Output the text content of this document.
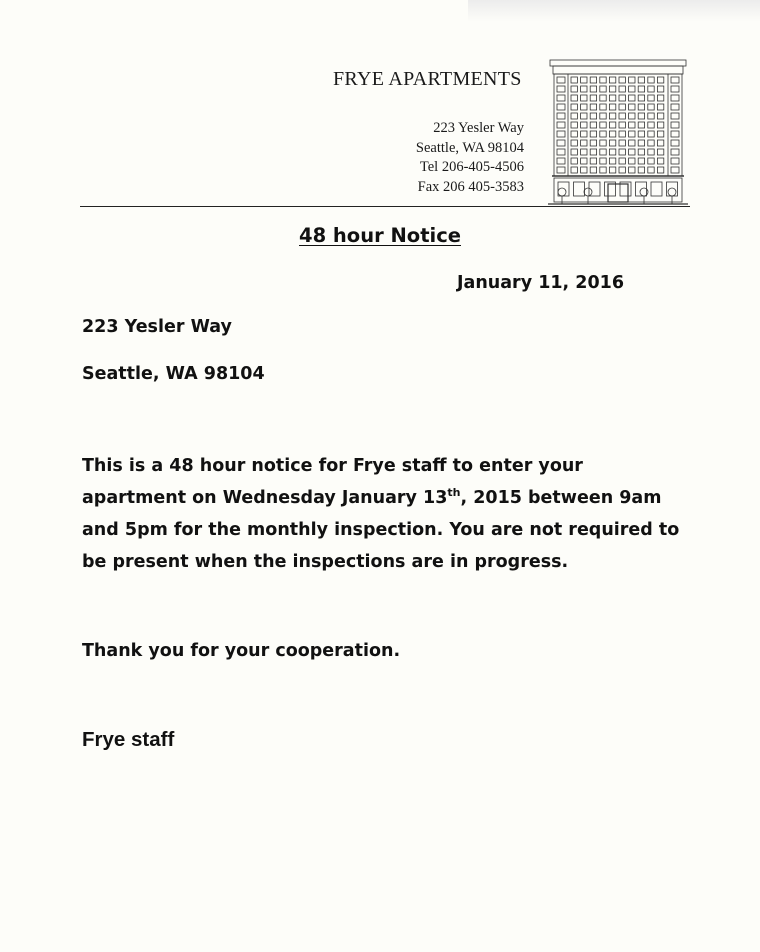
FRYE APARTMENTS
223 Yesler Way
Seattle, WA 98104
Tel 206-405-4506
Fax 206 405-3583
48 hour Notice
January 11, 2016
223 Yesler Way
Seattle, WA 98104
This is a 48 hour notice for Frye staff to enter your apartment on Wednesday January 13th, 2015 between 9am and 5pm for the monthly inspection. You are not required to be present when the inspections are in progress.
Thank you for your cooperation.
Frye staff
